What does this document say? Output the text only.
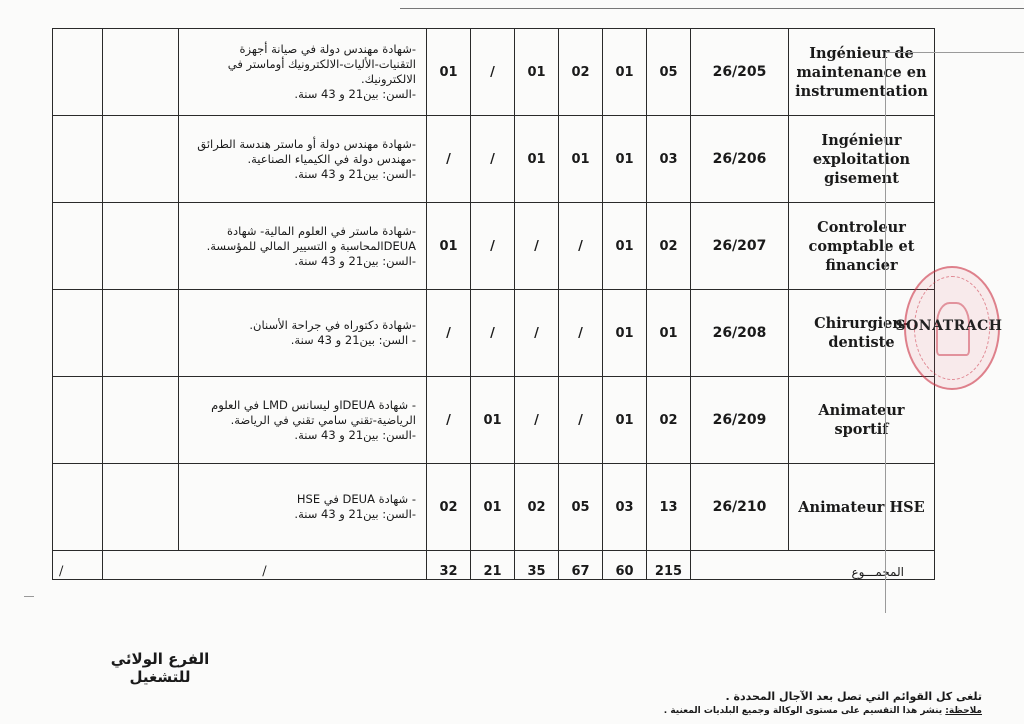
		-شهادة مهندس دولة في صيانة أجهزة
التقنيات-الأليات-الالكترونيك أوماستر في
الالكترونيك.
-السن: بين21 و 43 سنة.	01	/	01	02	01	05	26/205	Ingénieur de maintenance en instrumentation

		-شهادة مهندس دولة أو ماستر هندسة الطرائق
-مهندس دولة في الكيمياء الصناعية.
-السن: بين21 و 43 سنة.	/	/	01	01	01	03	26/206	Ingénieur exploitation gisement

		-شهادة ماستر في العلوم المالية- شهادة
DEUAالمحاسبة و التسيير المالي للمؤسسة.
-السن: بين21 و 43 سنة.	01	/	/	/	01	02	26/207	Controleur comptable et financier

		-شهادة دكتوراه في جراحة الأسنان.
- السن: بين21 و 43 سنة.	/	/	/	/	01	01	26/208	Chirurgien-dentiste

		- شهادة DEUAاو ليسانس LMD في العلوم
الرياضية-تقني سامي تقني في الرياضة.
-السن: بين21 و 43 سنة.	/	01	/	/	01	02	26/209	Animateur sportif

		- شهادة DEUA في HSE
-السن: بين21 و 43 سنة.	02	01	02	05	03	13	26/210	Animateur HSE
/	/		32	21	35	67	60	215	المجمـــوع	
SONATRACH
الفرع الولائي للتشغيل
تلغى كل القوائم التي تصل بعد الآجال المحددة .
ملاحظة: ينشر هذا التقسيم على مستوى الوكالة وجميع البلديات المعنية .
